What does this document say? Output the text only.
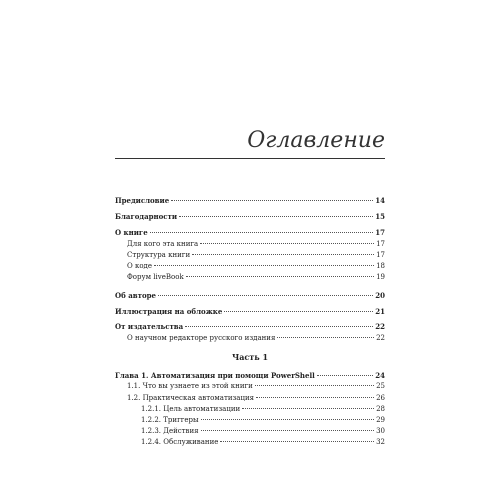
Оглавление
Предисловие	14
Благодарности	15
О книге	17
Для кого эта книга	17
Структура книги	17
О коде	18
Форум liveBook	19
Об авторе	20
Иллюстрация на обложке	21
От издательства	22
О научном редакторе русского издания	22
Часть 1
Глава 1. Автоматизация при помощи PowerShell	24
1.1. Что вы узнаете из этой книги	25
1.2. Практическая автоматизация	26
1.2.1. Цель автоматизации	28
1.2.2. Триггеры	29
1.2.3. Действия	30
1.2.4. Обслуживание	32
